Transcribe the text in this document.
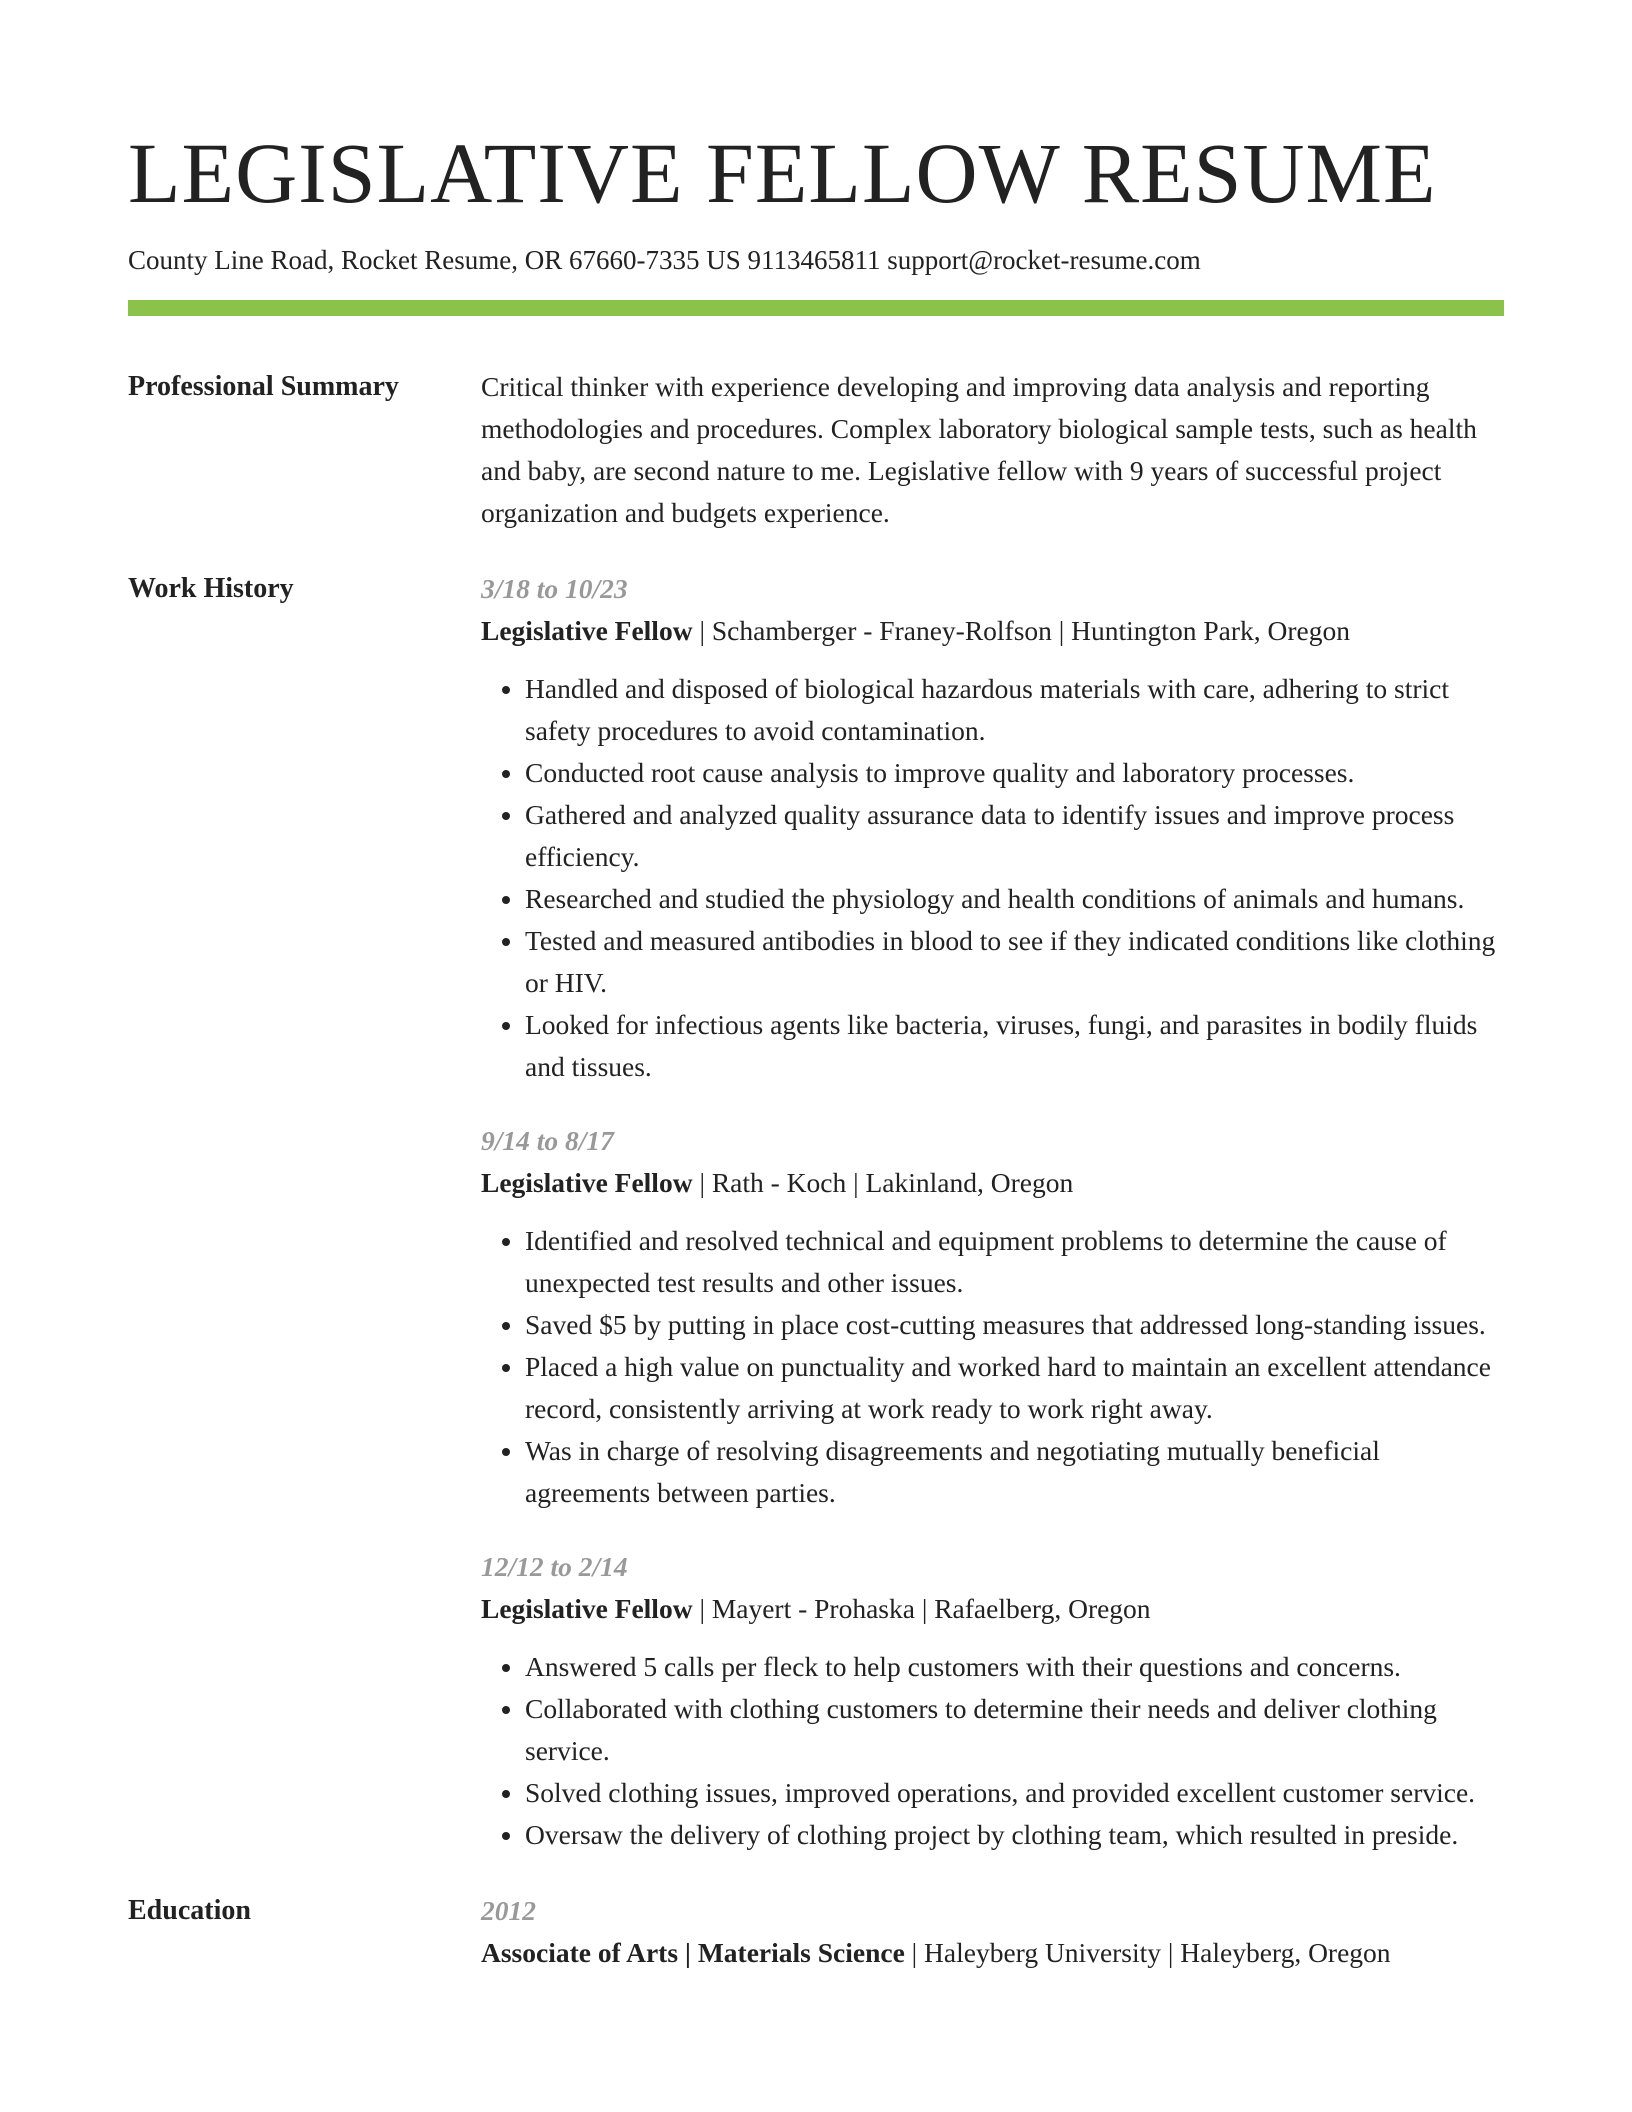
LEGISLATIVE FELLOW RESUME
County Line Road, Rocket Resume, OR 67660-7335 US 9113465811 support@rocket-resume.com
Professional Summary	Critical thinker with experience developing and improving data analysis and reporting methodologies and procedures. Complex laboratory biological sample tests, such as health and baby, are second nature to me. Legislative fellow with 9 years of successful project organization and budgets experience.

Work History	3/18 to 10/23
Legislative Fellow | Schamberger - Franey-Rolfson | Huntington Park, Oregon
• Handled and disposed of biological hazardous materials with care, adhering to strict safety procedures to avoid contamination.
• Conducted root cause analysis to improve quality and laboratory processes.
• Gathered and analyzed quality assurance data to identify issues and improve process efficiency.
• Researched and studied the physiology and health conditions of animals and humans.
• Tested and measured antibodies in blood to see if they indicated conditions like clothing or HIV.
• Looked for infectious agents like bacteria, viruses, fungi, and parasites in bodily fluids and tissues.
9/14 to 8/17
Legislative Fellow | Rath - Koch | Lakinland, Oregon
• Identified and resolved technical and equipment problems to determine the cause of unexpected test results and other issues.
• Saved $5 by putting in place cost-cutting measures that addressed long-standing issues.
• Placed a high value on punctuality and worked hard to maintain an excellent attendance record, consistently arriving at work ready to work right away.
• Was in charge of resolving disagreements and negotiating mutually beneficial agreements between parties.
12/12 to 2/14
Legislative Fellow | Mayert - Prohaska | Rafaelberg, Oregon
• Answered 5 calls per fleck to help customers with their questions and concerns.
• Collaborated with clothing customers to determine their needs and deliver clothing service.
• Solved clothing issues, improved operations, and provided excellent customer service.
• Oversaw the delivery of clothing project by clothing team, which resulted in preside.
Education	2012
Associate of Arts | Materials Science | Haleyberg University | Haleyberg, Oregon
